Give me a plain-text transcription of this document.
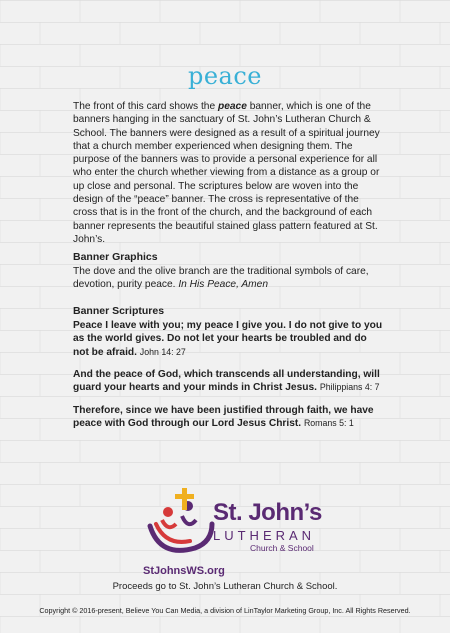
peace
The front of this card shows the peace banner, which is one of the banners hanging in the sanctuary of St. John’s Lutheran Church & School. The banners were designed as a result of a spiritual journey that a church member experienced when designing them. The purpose of the banners was to provide a personal experience for all who enter the church whether viewing from a distance as a group or up close and personal. The scriptures below are woven into the design of the “peace” banner. The cross is representative of the cross that is in the front of the church, and the background of each banner represents the beautiful stained glass pattern featured at St. John’s.
Banner Graphics
The dove and the olive branch are the traditional symbols of care, devotion, purity peace. In His Peace, Amen
Banner Scriptures
Peace I leave with you; my peace I give you. I do not give to you as the world gives. Do not let your hearts be troubled and do not be afraid. John 14: 27
And the peace of God, which transcends all understanding, will guard your hearts and your minds in Christ Jesus. Philippians 4: 7
Therefore, since we have been justified through faith, we have peace with God through our Lord Jesus Christ. Romans 5: 1
St. John’s
LUTHERAN
Church & School
StJohnsWS.org
Proceeds go to St. John’s Lutheran Church & School.
Copyright © 2016-present, Believe You Can Media, a division of LinTaylor Marketing Group, Inc. All Rights Reserved.
